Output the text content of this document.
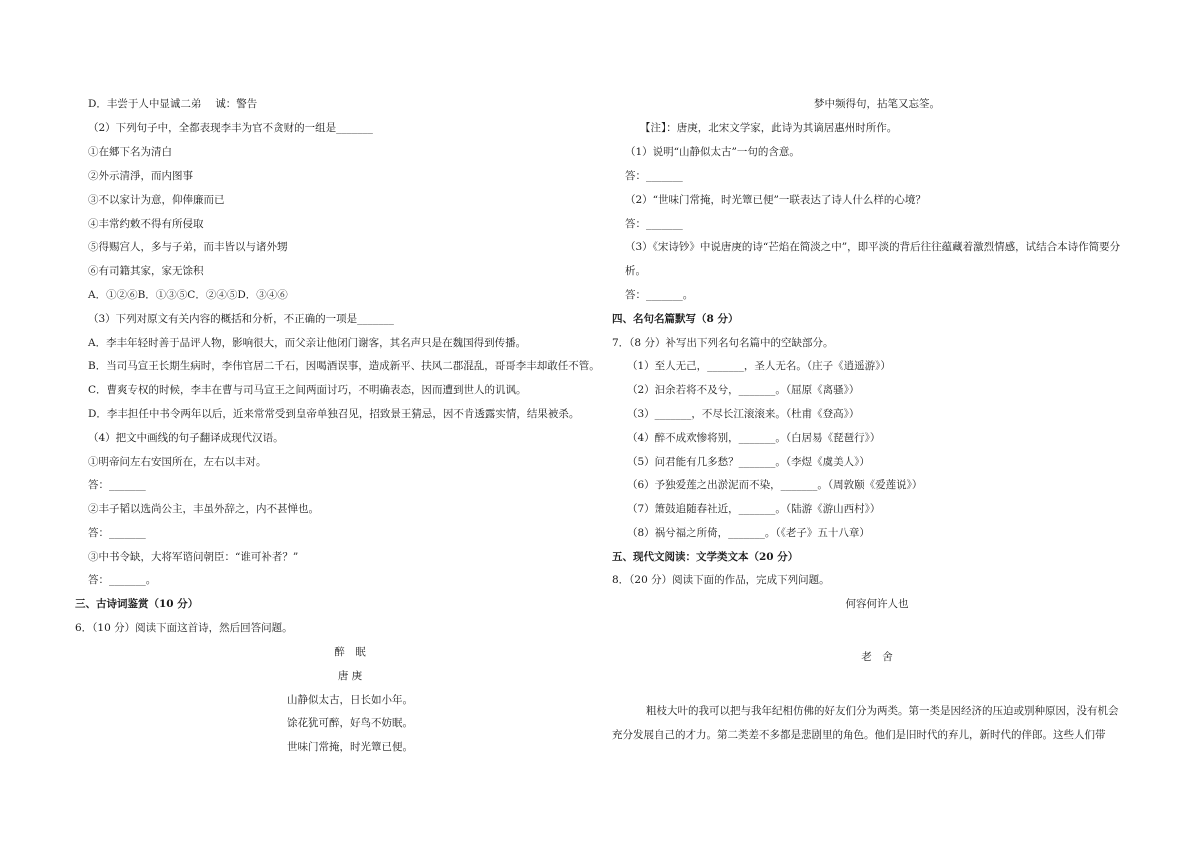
D．丰尝于人中显诚二弟　 诚：警告
（2）下列句子中，全都表现李丰为官不贪财的一组是_______
①在郷下名为清白
②外示清淨，而内图事
③不以家计为意，仰俸廉而已
④丰常约敕不得有所侵取
⑤得赐宫人，多与子弟，而丰皆以与诸外甥
⑥有司籍其家，家无馀积
A．①②⑥B．①③⑤C．②④⑤D．③④⑥
（3）下列对原文有关内容的概括和分析，不正确的一项是_______
A．李丰年轻时善于品评人物，影响很大，而父亲让他闭门谢客，其名声只是在魏国得到传播。
B．当司马宣王长期生病时，李伟官居二千石，因喝酒误事，造成新平、扶风二郡混乱，哥哥李丰却敢任不管。
C．曹爽专权的时候，李丰在曹与司马宣王之间两面讨巧，不明确表态，因而遭到世人的讥讽。
D．李丰担任中书令两年以后，近来常常受到皇帝单独召见，招致景王猜忌，因不肯透露实情，结果被杀。
（4）把文中画线的句子翻译成现代汉语。
①明帝问左右安国所在，左右以丰对。
答：_______
②丰子韬以选尚公主，丰虽外辞之，内不甚惮也。
答：_______
③中书令缺，大将军谘问朝臣：“谁可补者？”
答：_______。
三、古诗词鉴赏（10 分）
6．（10 分）阅读下面这首诗，然后回答问题。
醉　眠
唐 庚
山静似太古，日长如小年。
馀花犹可醉，好鸟不妨眠。
世味门常掩，时光簟已便。
梦中频得句，拈笔又忘筌。
【注】：唐庚，北宋文学家，此诗为其谪居惠州时所作。
（1）说明“山静似太古”一句的含意。
答：_______
（2）“世味门常掩，时光簟已便”一联表达了诗人什么样的心境？
答：_______
（3）《宋诗钞》中说唐庚的诗“芒焰在简淡之中”，即平淡的背后往往蕴藏着激烈情感，试结合本诗作简要分
析。
答：_______。
四、名句名篇默写（8 分）
7．（8 分）补写出下列名句名篇中的空缺部分。
（1）至人无己，_______，圣人无名。（庄子《逍遥游》）
（2）汩余若将不及兮，_______。（屈原《离骚》）
（3）_______，不尽长江滚滚来。（杜甫《登高》）
（4）醉不成欢惨将别，_______。（白居易《琵琶行》）
（5）问君能有几多愁？_______。（李煜《虞美人》）
（6）予独爱莲之出淤泥而不染，_______。（周敦颐《爱莲说》）
（7）箫鼓追随春社近，_______。（陆游《游山西村》）
（8）祸兮福之所倚，_______。（《老子》五十八章）
五、现代文阅读：文学类文本（20 分）
8．（20 分）阅读下面的作品，完成下列问题。
何容何许人也
老　舍
粗枝大叶的我可以把与我年纪相仿佛的好友们分为两类。第一类是因经济的压迫或别种原因，没有机会
充分发展自己的才力。第二类差不多都是悲剧里的角色。他们是旧时代的弃儿，新时代的伴郎。这些人们带
